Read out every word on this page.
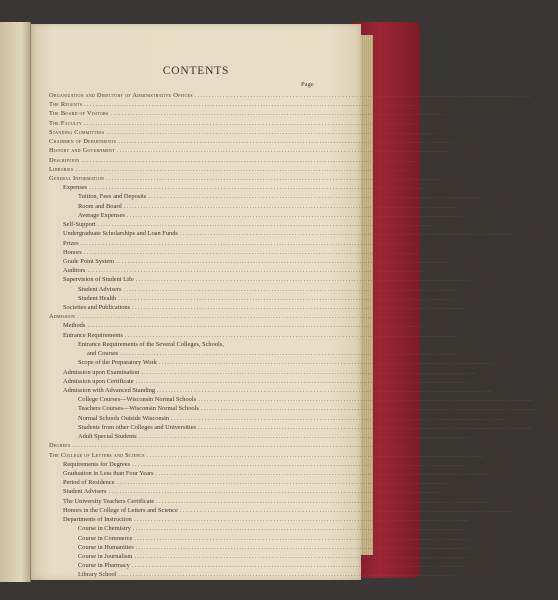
CONTENTS
Page
Organization and Directory of Administrative Offices ........................................................................................................................	9
The Regents ........................................................................................................................	12
The Board of Visitors ........................................................................................................................	13
The Faculty ........................................................................................................................	14
Standing Committees ........................................................................................................................	61
Chairmen of Departments ........................................................................................................................	64
History and Government ........................................................................................................................	66
Description ........................................................................................................................	74
Libraries ........................................................................................................................	78
General Information ........................................................................................................................	80
Expenses ........................................................................................................................	80
Tuition, Fees and Deposits ........................................................................................................................	80
Room and Board ........................................................................................................................	85
Average Expenses ........................................................................................................................	87
Self-Support ........................................................................................................................	88
Undergraduate Scholarships and Loan Funds ........................................................................................................................	89
Prizes ........................................................................................................................	95
Honors ........................................................................................................................	96
Grade Point System ........................................................................................................................	97
Auditors ........................................................................................................................	97
Supervision of Student Life ........................................................................................................................	97
Student Advisers ........................................................................................................................	99
Student Health ........................................................................................................................	100
Societies and Publications ........................................................................................................................	101
Admission ........................................................................................................................	105
Methods ........................................................................................................................	105
Entrance Requirements ........................................................................................................................	105
Entrance Requirements of the Several Colleges, Schools,
and Courses ........................................................................................................................	107
Scope of the Preparatory Work ........................................................................................................................	109
Admission upon Examination ........................................................................................................................	117
Admission upon Certificate ........................................................................................................................	117
Admission with Advanced Standing ........................................................................................................................	119
College Courses—Wisconsin Normal Schools ........................................................................................................................	119
Teachers Courses—Wisconsin Normal Schools ........................................................................................................................	120
Normal Schools Outside Wisconsin ........................................................................................................................	122
Students from other Colleges and Universities ........................................................................................................................	122
Adult Special Students ........................................................................................................................	124
Degrees ........................................................................................................................	125
The College of Letters and Science ........................................................................................................................	127
Requirements for Degrees ........................................................................................................................	127
Graduation in Less than Four Years ........................................................................................................................	139
Period of Residence ........................................................................................................................	139
Student Advisers ........................................................................................................................	140
The University Teachers Certificate ........................................................................................................................	140
Honors in the College of Letters and Science ........................................................................................................................	141
Departments of Instruction ........................................................................................................................	142
Course in Chemistry ........................................................................................................................	244
Course in Commerce ........................................................................................................................	249
Course in Humanities ........................................................................................................................	254
Course in Journalism ........................................................................................................................	257
Course in Pharmacy ........................................................................................................................	261
Library School ........................................................................................................................	266
